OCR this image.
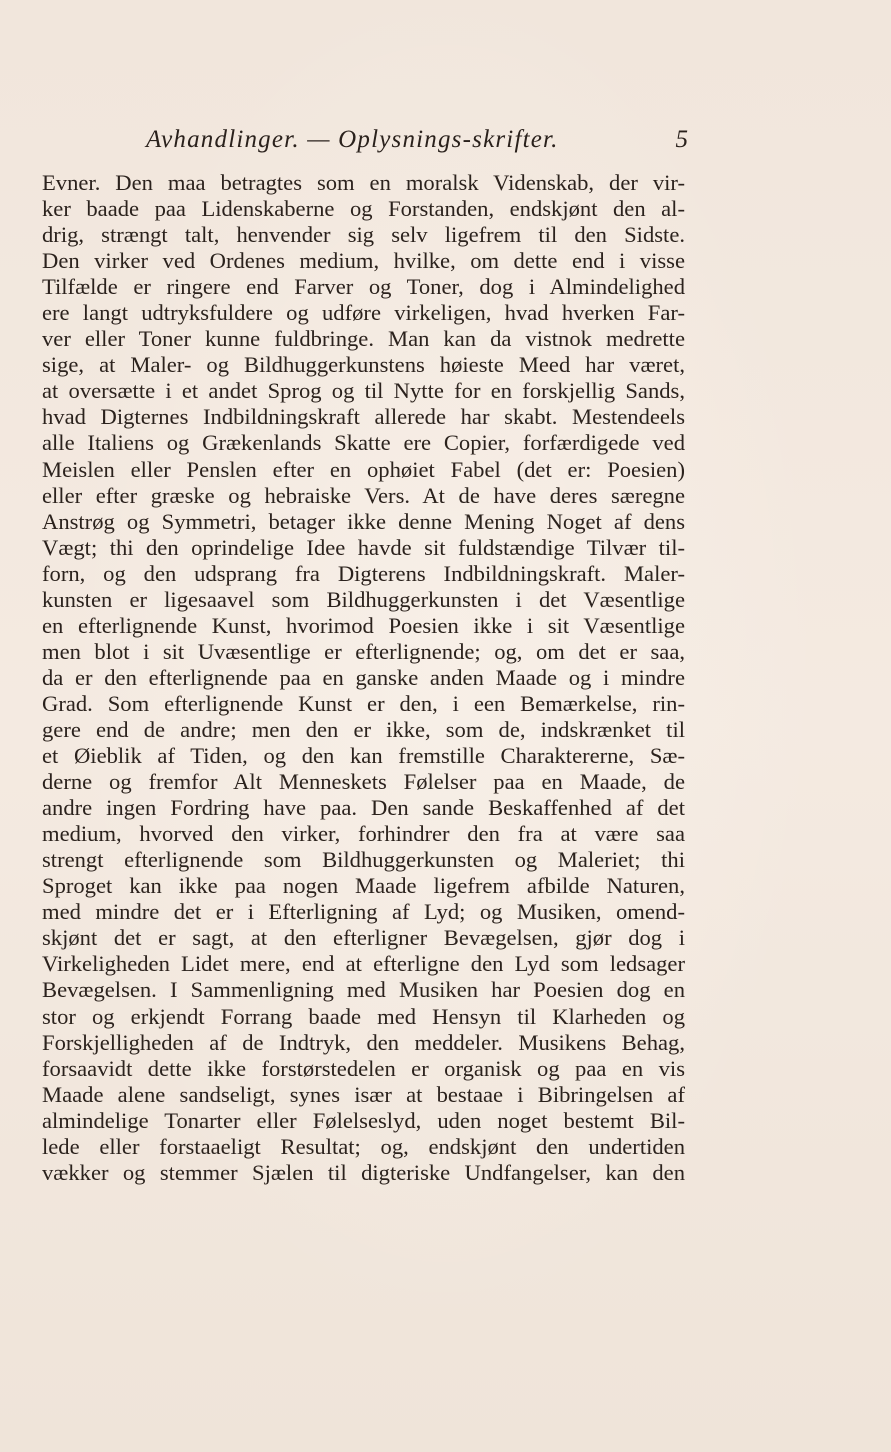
Avhandlinger. — Oplysnings-skrifter.	5
Evner. Den maa betragtes som en moralsk Videnskab, der vir-
ker baade paa Lidenskaberne og Forstanden, endskjønt den al-
drig, strængt talt, henvender sig selv ligefrem til den Sidste.
Den virker ved Ordenes medium, hvilke, om dette end i visse
Tilfælde er ringere end Farver og Toner, dog i Almindelighed
ere langt udtryksfuldere og udføre virkeligen, hvad hverken Far-
ver eller Toner kunne fuldbringe. Man kan da vistnok medrette
sige, at Maler- og Bildhuggerkunstens høieste Meed har været,
at oversætte i et andet Sprog og til Nytte for en forskjellig Sands,
hvad Digternes Indbildningskraft allerede har skabt. Mestendeels
alle Italiens og Grækenlands Skatte ere Copier, forfærdigede ved
Meislen eller Penslen efter en ophøiet Fabel (det er: Poesien)
eller efter græske og hebraiske Vers. At de have deres særegne
Anstrøg og Symmetri, betager ikke denne Mening Noget af dens
Vægt; thi den oprindelige Idee havde sit fuldstændige Tilvær til-
forn, og den udsprang fra Digterens Indbildningskraft. Maler-
kunsten er ligesaavel som Bildhuggerkunsten i det Væsentlige
en efterlignende Kunst, hvorimod Poesien ikke i sit Væsentlige
men blot i sit Uvæsentlige er efterlignende; og, om det er saa,
da er den efterlignende paa en ganske anden Maade og i mindre
Grad. Som efterlignende Kunst er den, i een Bemærkelse, rin-
gere end de andre; men den er ikke, som de, indskrænket til
et Øieblik af Tiden, og den kan fremstille Charaktererne, Sæ-
derne og fremfor Alt Menneskets Følelser paa en Maade, de
andre ingen Fordring have paa. Den sande Beskaffenhed af det
medium, hvorved den virker, forhindrer den fra at være saa
strengt efterlignende som Bildhuggerkunsten og Maleriet; thi
Sproget kan ikke paa nogen Maade ligefrem afbilde Naturen,
med mindre det er i Efterligning af Lyd; og Musiken, omend-
skjønt det er sagt, at den efterligner Bevægelsen, gjør dog i
Virkeligheden Lidet mere, end at efterligne den Lyd som ledsager
Bevægelsen. I Sammenligning med Musiken har Poesien dog en
stor og erkjendt Forrang baade med Hensyn til Klarheden og
Forskjelligheden af de Indtryk, den meddeler. Musikens Behag,
forsaavidt dette ikke forstørstedelen er organisk og paa en vis
Maade alene sandseligt, synes især at bestaae i Bibringelsen af
almindelige Tonarter eller Følelseslyd, uden noget bestemt Bil-
lede eller forstaaeligt Resultat; og, endskjønt den undertiden
vækker og stemmer Sjælen til digteriske Undfangelser, kan den
